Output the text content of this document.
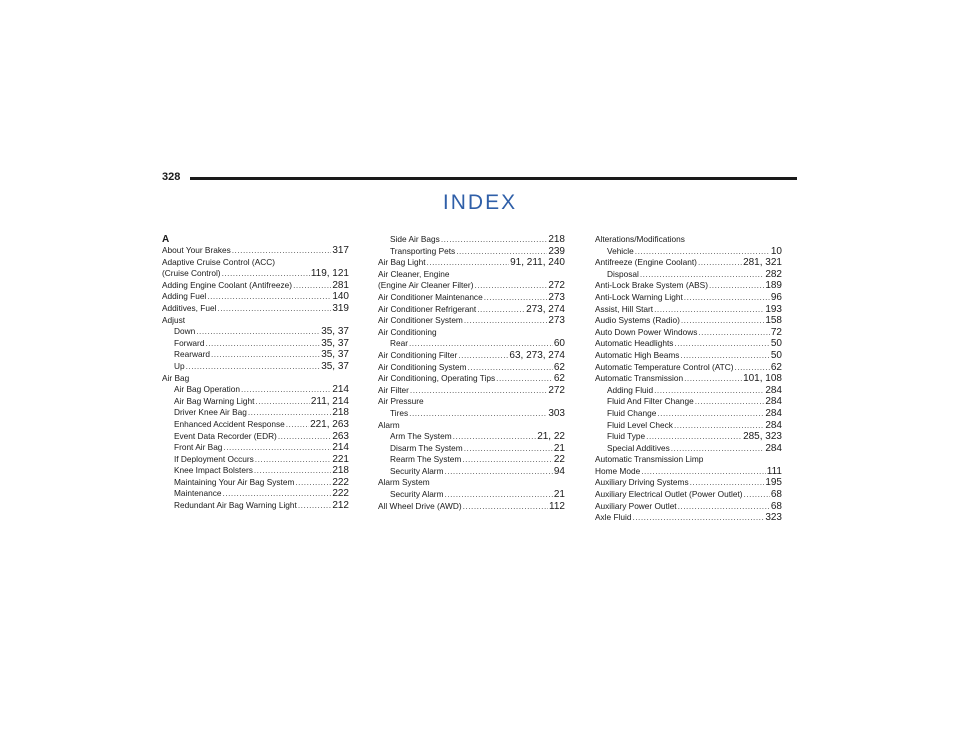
328
INDEX
A
About Your Brakes .....	317
Adaptive Cruise Control (ACC)
(Cruise Control) .....	119, 121
Adding Engine Coolant (Antifreeze) .....	281
Adding Fuel .....	140
Additives, Fuel .....	319
Adjust
Down .....	35, 37
Forward .....	35, 37
Rearward .....	35, 37
Up .....	35, 37
Air Bag
Air Bag Operation .....	214
Air Bag Warning Light .....	211, 214
Driver Knee Air Bag .....	218
Enhanced Accident Response .....	221, 263
Event Data Recorder (EDR) .....	263
Front Air Bag .....	214
If Deployment Occurs .....	221
Knee Impact Bolsters .....	218
Maintaining Your Air Bag System .....	222
Maintenance .....	222
Redundant Air Bag Warning Light .....	212
Side Air Bags .....	218
Transporting Pets .....	239
Air Bag Light .....	91, 211, 240
Air Cleaner, Engine
(Engine Air Cleaner Filter) .....	272
Air Conditioner Maintenance .....	273
Air Conditioner Refrigerant .....	273, 274
Air Conditioner System .....	273
Air Conditioning
Rear .....	60
Air Conditioning Filter .....	63, 273, 274
Air Conditioning System .....	62
Air Conditioning, Operating Tips .....	62
Air Filter .....	272
Air Pressure
Tires .....	303
Alarm
Arm The System .....	21, 22
Disarm The System .....	21
Rearm The System .....	22
Security Alarm .....	94
Alarm System
Security Alarm .....	21
All Wheel Drive (AWD) .....	112
Alterations/Modifications
Vehicle .....	10
Antifreeze (Engine Coolant) .....	281, 321
Disposal .....	282
Anti-Lock Brake System (ABS) .....	189
Anti-Lock Warning Light .....	96
Assist, Hill Start .....	193
Audio Systems (Radio) .....	158
Auto Down Power Windows .....	72
Automatic Headlights .....	50
Automatic High Beams .....	50
Automatic Temperature Control (ATC) .....	62
Automatic Transmission .....	101, 108
Adding Fluid .....	284
Fluid And Filter Change .....	284
Fluid Change .....	284
Fluid Level Check .....	284
Fluid Type .....	285, 323
Special Additives .....	284
Automatic Transmission Limp
Home Mode .....	111
Auxiliary Driving Systems .....	195
Auxiliary Electrical Outlet (Power Outlet) .....	68
Auxiliary Power Outlet .....	68
Axle Fluid .....	323
